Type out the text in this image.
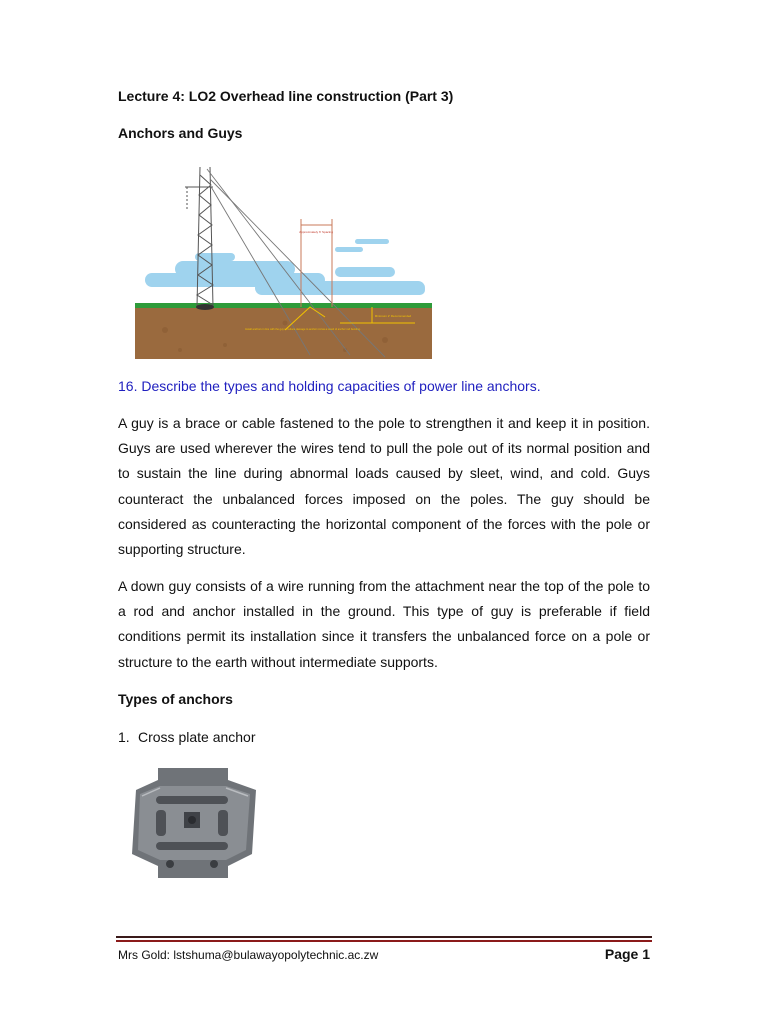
Lecture 4: LO2 Overhead line construction (Part 3)
Anchors and Guys
Approximately 6' Spacing
Minimum 2' Recommended
Install anchors in line with the guy to reduce damage to anchor rod as a result of anchor rod bending.
16. Describe the types and holding capacities of power line anchors.
A guy is a brace or cable fastened to the pole to strengthen it and keep it in position. Guys are used wherever the wires tend to pull the pole out of its normal position and to sustain the line during abnormal loads caused by sleet, wind, and cold. Guys counteract the unbalanced forces imposed on the poles. The guy should be considered as counteracting the horizontal component of the forces with the pole or supporting structure.
A down guy consists of a wire running from the attachment near the top of the pole to a rod and anchor installed in the ground. This type of guy is preferable if field conditions permit its installation since it transfers the unbalanced force on a pole or structure to the earth without intermediate supports.
Types of anchors
1. Cross plate anchor
Mrs Gold: lstshuma@bulawayopolytechnic.ac.zw	Page 1
